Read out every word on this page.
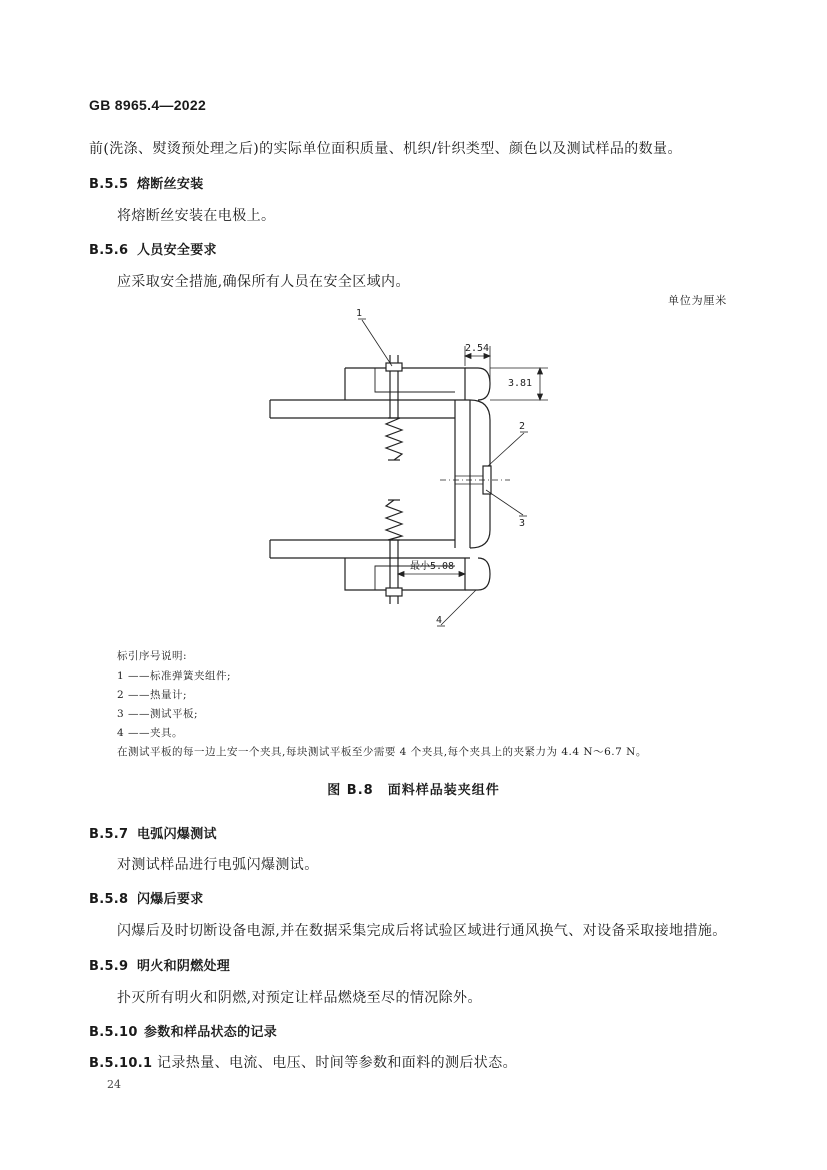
GB 8965.4—2022
前(洗涤、熨烫预处理之后)的实际单位面积质量、机织/针织类型、颜色以及测试样品的数量。
B.5.5 熔断丝安装
将熔断丝安装在电极上。
B.5.6 人员安全要求
应采取安全措施,确保所有人员在安全区域内。
单位为厘米
2.54
3.81
最小5.08
1
2
3
4
标引序号说明:
1 ——标准弹簧夹组件;
2 ——热量计;
3 ——测试平板;
4 ——夹具。
在测试平板的每一边上安一个夹具,每块测试平板至少需要 4 个夹具,每个夹具上的夹紧力为 4.4 N～6.7 N。
图 B.8　面料样品装夹组件
B.5.7 电弧闪爆测试
对测试样品进行电弧闪爆测试。
B.5.8 闪爆后要求
闪爆后及时切断设备电源,并在数据采集完成后将试验区域进行通风换气、对设备采取接地措施。
B.5.9 明火和阴燃处理
扑灭所有明火和阴燃,对预定让样品燃烧至尽的情况除外。
B.5.10 参数和样品状态的记录
B.5.10.1 记录热量、电流、电压、时间等参数和面料的测后状态。
24
